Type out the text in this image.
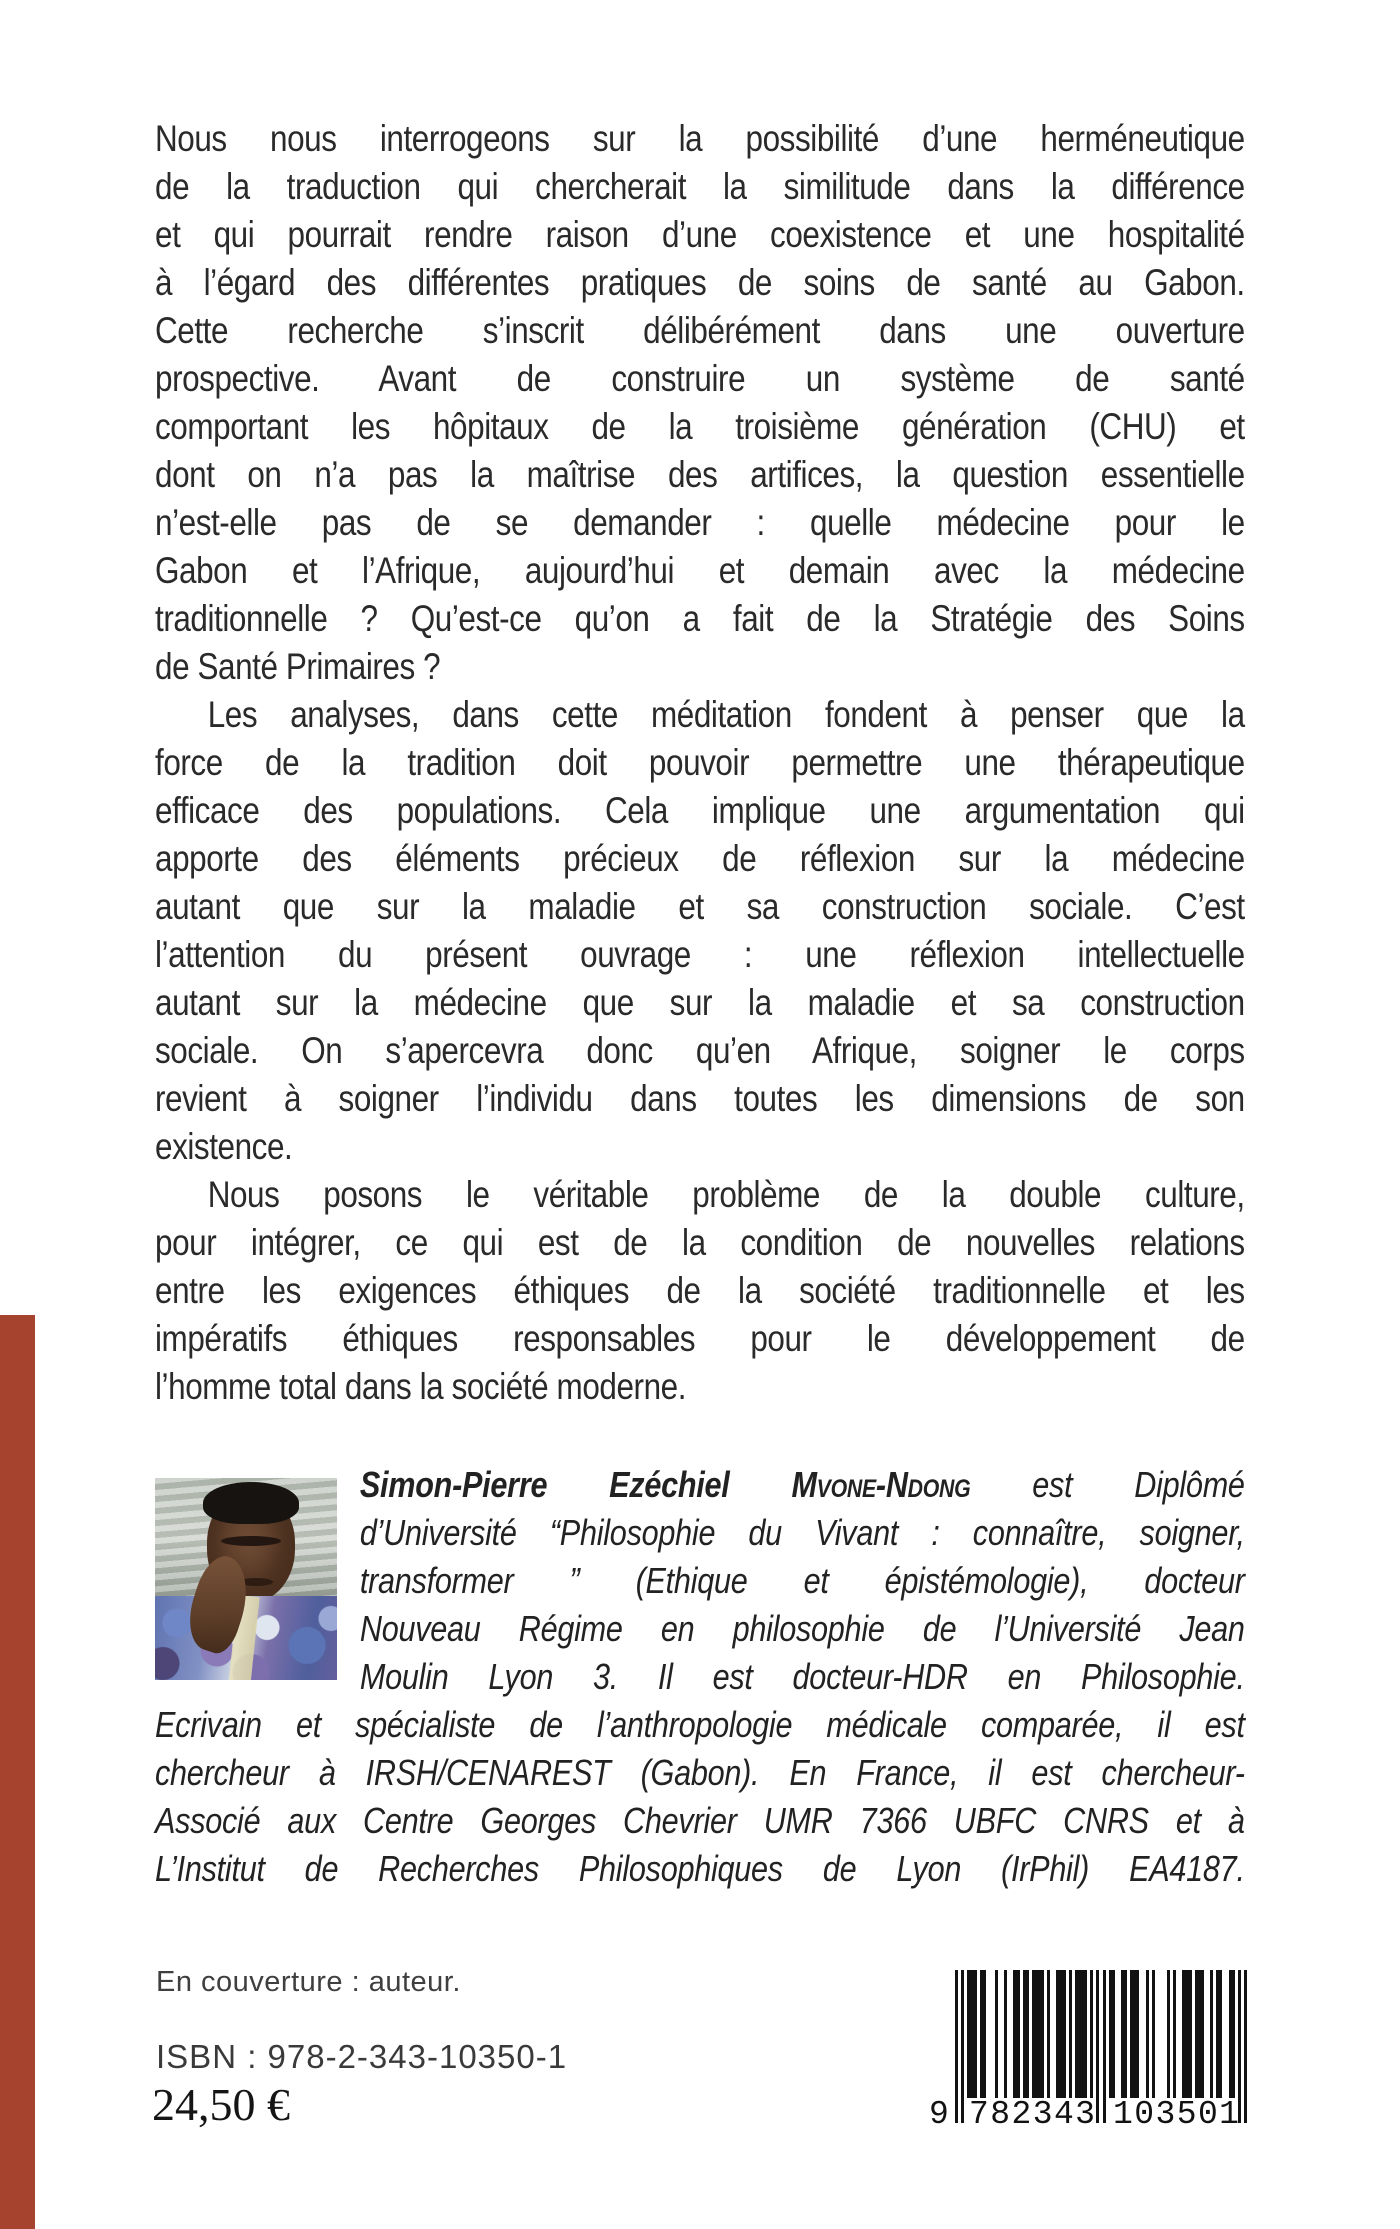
Nous nous interrogeons sur la possibilité d’une herméneutique
de la traduction qui chercherait la similitude dans la différence
et qui pourrait rendre raison d’une coexistence et une hospitalité
à l’égard des différentes pratiques de soins de santé au Gabon.
Cette recherche s’inscrit délibérément dans une ouverture
prospective. Avant de construire un système de santé
comportant les hôpitaux de la troisième génération (CHU) et
dont on n’a pas la maîtrise des artifices, la question essentielle
n’est-elle pas de se demander : quelle médecine pour le
Gabon et l’Afrique, aujourd’hui et demain avec la médecine
traditionnelle ? Qu’est-ce qu’on a fait de la Stratégie des Soins
de Santé Primaires ?
Les analyses, dans cette méditation fondent à penser que la
force de la tradition doit pouvoir permettre une thérapeutique
efficace des populations. Cela implique une argumentation qui
apporte des éléments précieux de réflexion sur la médecine
autant que sur la maladie et sa construction sociale. C’est
l’attention du présent ouvrage : une réflexion intellectuelle
autant sur la médecine que sur la maladie et sa construction
sociale. On s’apercevra donc qu’en Afrique, soigner le corps
revient à soigner l’individu dans toutes les dimensions de son
existence.
Nous posons le véritable problème de la double culture,
pour intégrer, ce qui est de la condition de nouvelles relations
entre les exigences éthiques de la société traditionnelle et les
impératifs éthiques responsables pour le développement de
l’homme total dans la société moderne.
Simon-Pierre Ezéchiel Mvone-Ndong est Diplômé
d’Université “Philosophie du Vivant : connaître, soigner,
transformer ” (Ethique et épistémologie), docteur
Nouveau Régime en philosophie de l’Université Jean
Moulin Lyon 3. Il est docteur-HDR en Philosophie.
Ecrivain et spécialiste de l’anthropologie médicale comparée, il est
chercheur à IRSH/CENAREST (Gabon). En France, il est chercheur-
Associé aux Centre Georges Chevrier UMR 7366 UBFC CNRS et à
L’Institut de Recherches Philosophiques de Lyon (IrPhil) EA4187.
En couverture : auteur.
ISBN : 978-2-343-10350-1
24,50 €	9 7 8 2 3 4 3 1 0 3 5 0 1
